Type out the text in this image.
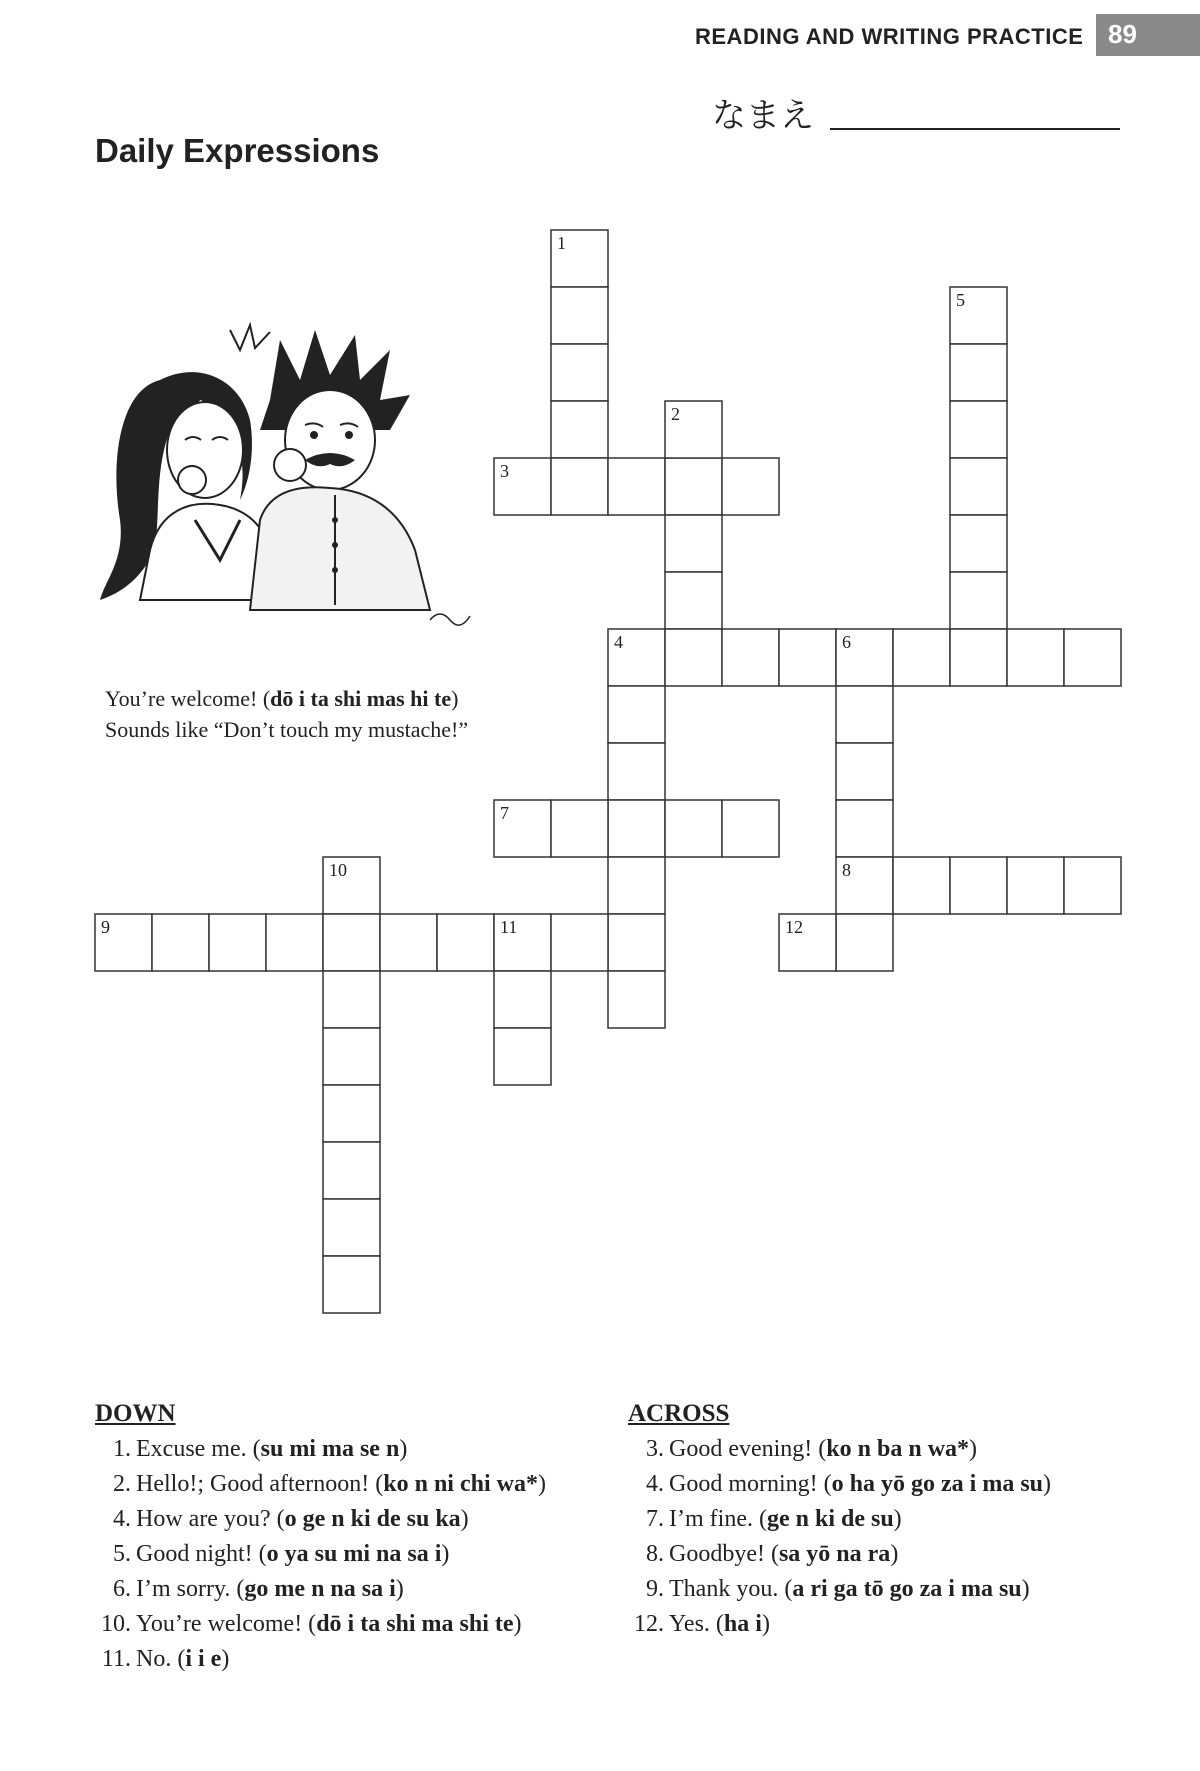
READING AND WRITING PRACTICE 89
なまえ
Daily Expressions
You’re welcome! (dō i ta shi mas hi te)
Sounds like “Don’t touch my mustache!”
1
2
3
4
5
6
7
8
9
10
11	12
DOWN
1. Excuse me. (su mi ma se n)
2. Hello!; Good afternoon! (ko n ni chi wa*)
4. How are you? (o ge n ki de su ka)
5. Good night! (o ya su mi na sa i)
6. I’m sorry. (go me n na sa i)
10. You’re welcome! (dō i ta shi ma shi te)
11. No. (i i e)
ACROSS
3. Good evening! (ko n ba n wa*)
4. Good morning! (o ha yō go za i ma su)
7. I’m fine. (ge n ki de su)
8. Goodbye! (sa yō na ra)
9. Thank you. (a ri ga tō go za i ma su)
12. Yes. (ha i)
